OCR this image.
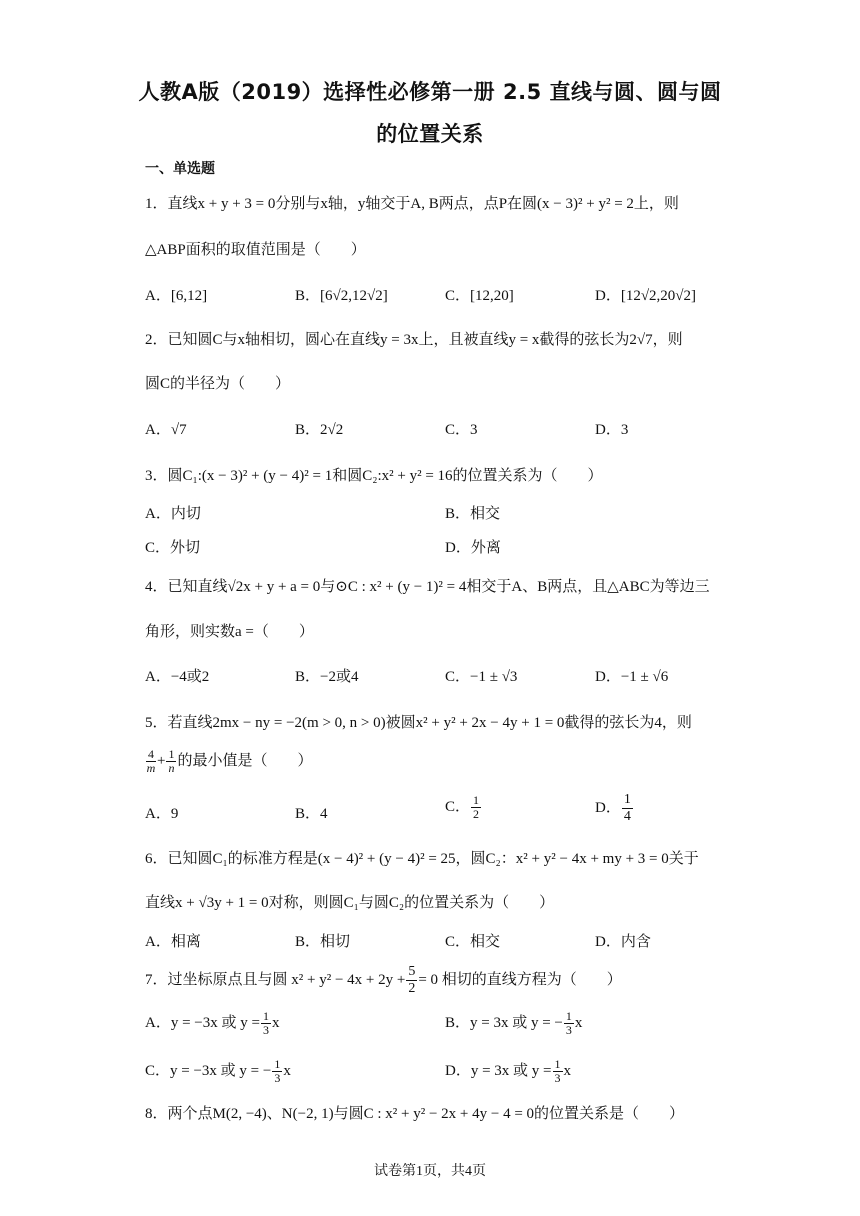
人教A版（2019）选择性必修第一册 2.5 直线与圆、圆与圆
的位置关系
一、单选题
1．直线x + y + 3 = 0分别与x轴，y轴交于A, B两点，点P在圆(x − 3)² + y² = 2上，则
△ABP面积的取值范围是（　　）
A．[6,12]	B．[6√2,12√2]	C．[12,20]	D．[12√2,20√2]
2．已知圆C与x轴相切，圆心在直线y = 3x上，且被直线y = x截得的弦长为2√7，则
圆C的半径为（　　）
A．√7	B．2√2	C．3	D．3
3．圆C₁:(x − 3)² + (y − 4)² = 1和圆C₂:x² + y² = 16的位置关系为（　　）
A．内切	B．相交
C．外切	D．外离
4．已知直线√2x + y + a = 0与⊙C : x² + (y − 1)² = 4相交于A、B两点，且△ABC为等边三
角形，则实数a =（　　）
A．−4或2	B．−2或4	C．−1 ± √3	D．−1 ± √6
5．若直线2mx − ny = −2(m > 0, n > 0)被圆x² + y² + 2x − 4y + 1 = 0截得的弦长为4，则
$\frac{4}{m} + \frac{1}{n}$ 的最小值是（　　）
A．9	B．4	C． $\frac{1}{2}$	D． $\frac{1}{4}$
6．已知圆C₁的标准方程是(x − 4)² + (y − 4)² = 25，圆C₂：x² + y² − 4x + my + 3 = 0关于
直线x + √3y + 1 = 0对称，则圆C₁与圆C₂的位置关系为（　　）
A．相离	B．相切	C．相交	D．内含
7．过坐标原点且与圆 $x^2 + y^2 - 4x + 2y + \frac{5}{2} = 0$ 相切的直线方程为（　　）
A．y = −3x 或 $y = \frac{1}{3}$ x	B．y = 3x 或 y = − $\frac{1}{3}$ x
C．y = −3x 或 y = − $\frac{1}{3}$ x	D．y = 3x 或 $y = \frac{1}{3}$ x
8．两个点M(2, −4)、N(−2, 1)与圆C : x² + y² − 2x + 4y − 4 = 0的位置关系是（　　）
试卷第1页，共4页
